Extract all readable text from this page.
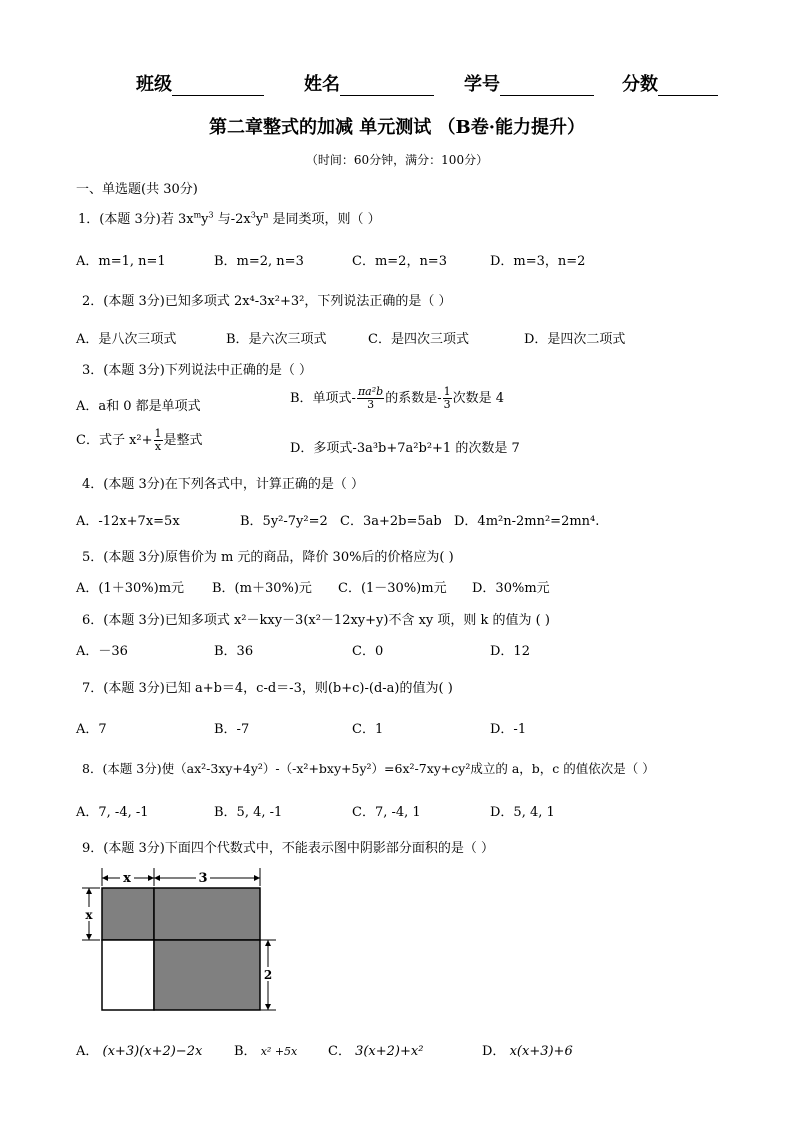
班级	姓名	学号	分数
第二章整式的加减 单元测试 （B卷·能力提升）
（时间：60分钟，满分：100分）
一、单选题(共 30分)
1．(本题 3分)若 $3x^my^3$ 与$-2x^3y^n$ 是同类项，则（ ）
A．m=1, n=1	B．m=2, n=3	C．m=2，n=3	D．m=3，n=2
2．(本题 3分)已知多项式 2x⁴-3x²+3²，下列说法正确的是（ ）
A．是八次三项式	B．是六次三项式	C．是四次三项式	D．是四次二项式
3．(本题 3分)下列说法中正确的是（ ）
A．a和 0 都是单项式
B．单项式- $\frac{\text{πa²b}}{3}$ 的系数是- $\frac{1}{3}$ 次数是 4
C．式子 $x^2+ \frac{1}{x}$ 是整式
D．多项式-3a³b+7a²b²+1 的次数是 7
4．(本题 3分)在下列各式中，计算正确的是（ ）
A．-12x+7x=5x	B．5y²-7y²=2 C．3a+2b=5ab D．4m²n-2mn²=2mn⁴.
5．(本题 3分)原售价为 m 元的商品，降价 30%后的价格应为( )
A．(1＋30%)m元 B．(m＋30%)元 C．(1－30%)m元 D．30%m元
6．(本题 3分)已知多项式 x²－kxy－3(x²－12xy+y)不含 xy 项，则 k 的值为 ( )
A．－36	B．36	C．0	D．12
7．(本题 3分)已知 a+b＝4，c-d＝-3，则(b+c)-(d-a)的值为( )
A．7	B．-7	C．1	D．-1
8．(本题 3分)使（ax²-3xy+4y²）-（-x²+bxy+5y²）=6x²-7xy+cy²成立的 a，b，c 的值依次是（ ）
A．7, -4, -1	B．5, 4, -1	C．7, -4, 1	D．5, 4, 1
9．(本题 3分)下面四个代数式中，不能表示图中阴影部分面积的是（ ）
x	3
x
2
A． (x+3)(x+2)−2x B． x² +5x C． 3(x+2)+x²	D． x(x+3)+6
